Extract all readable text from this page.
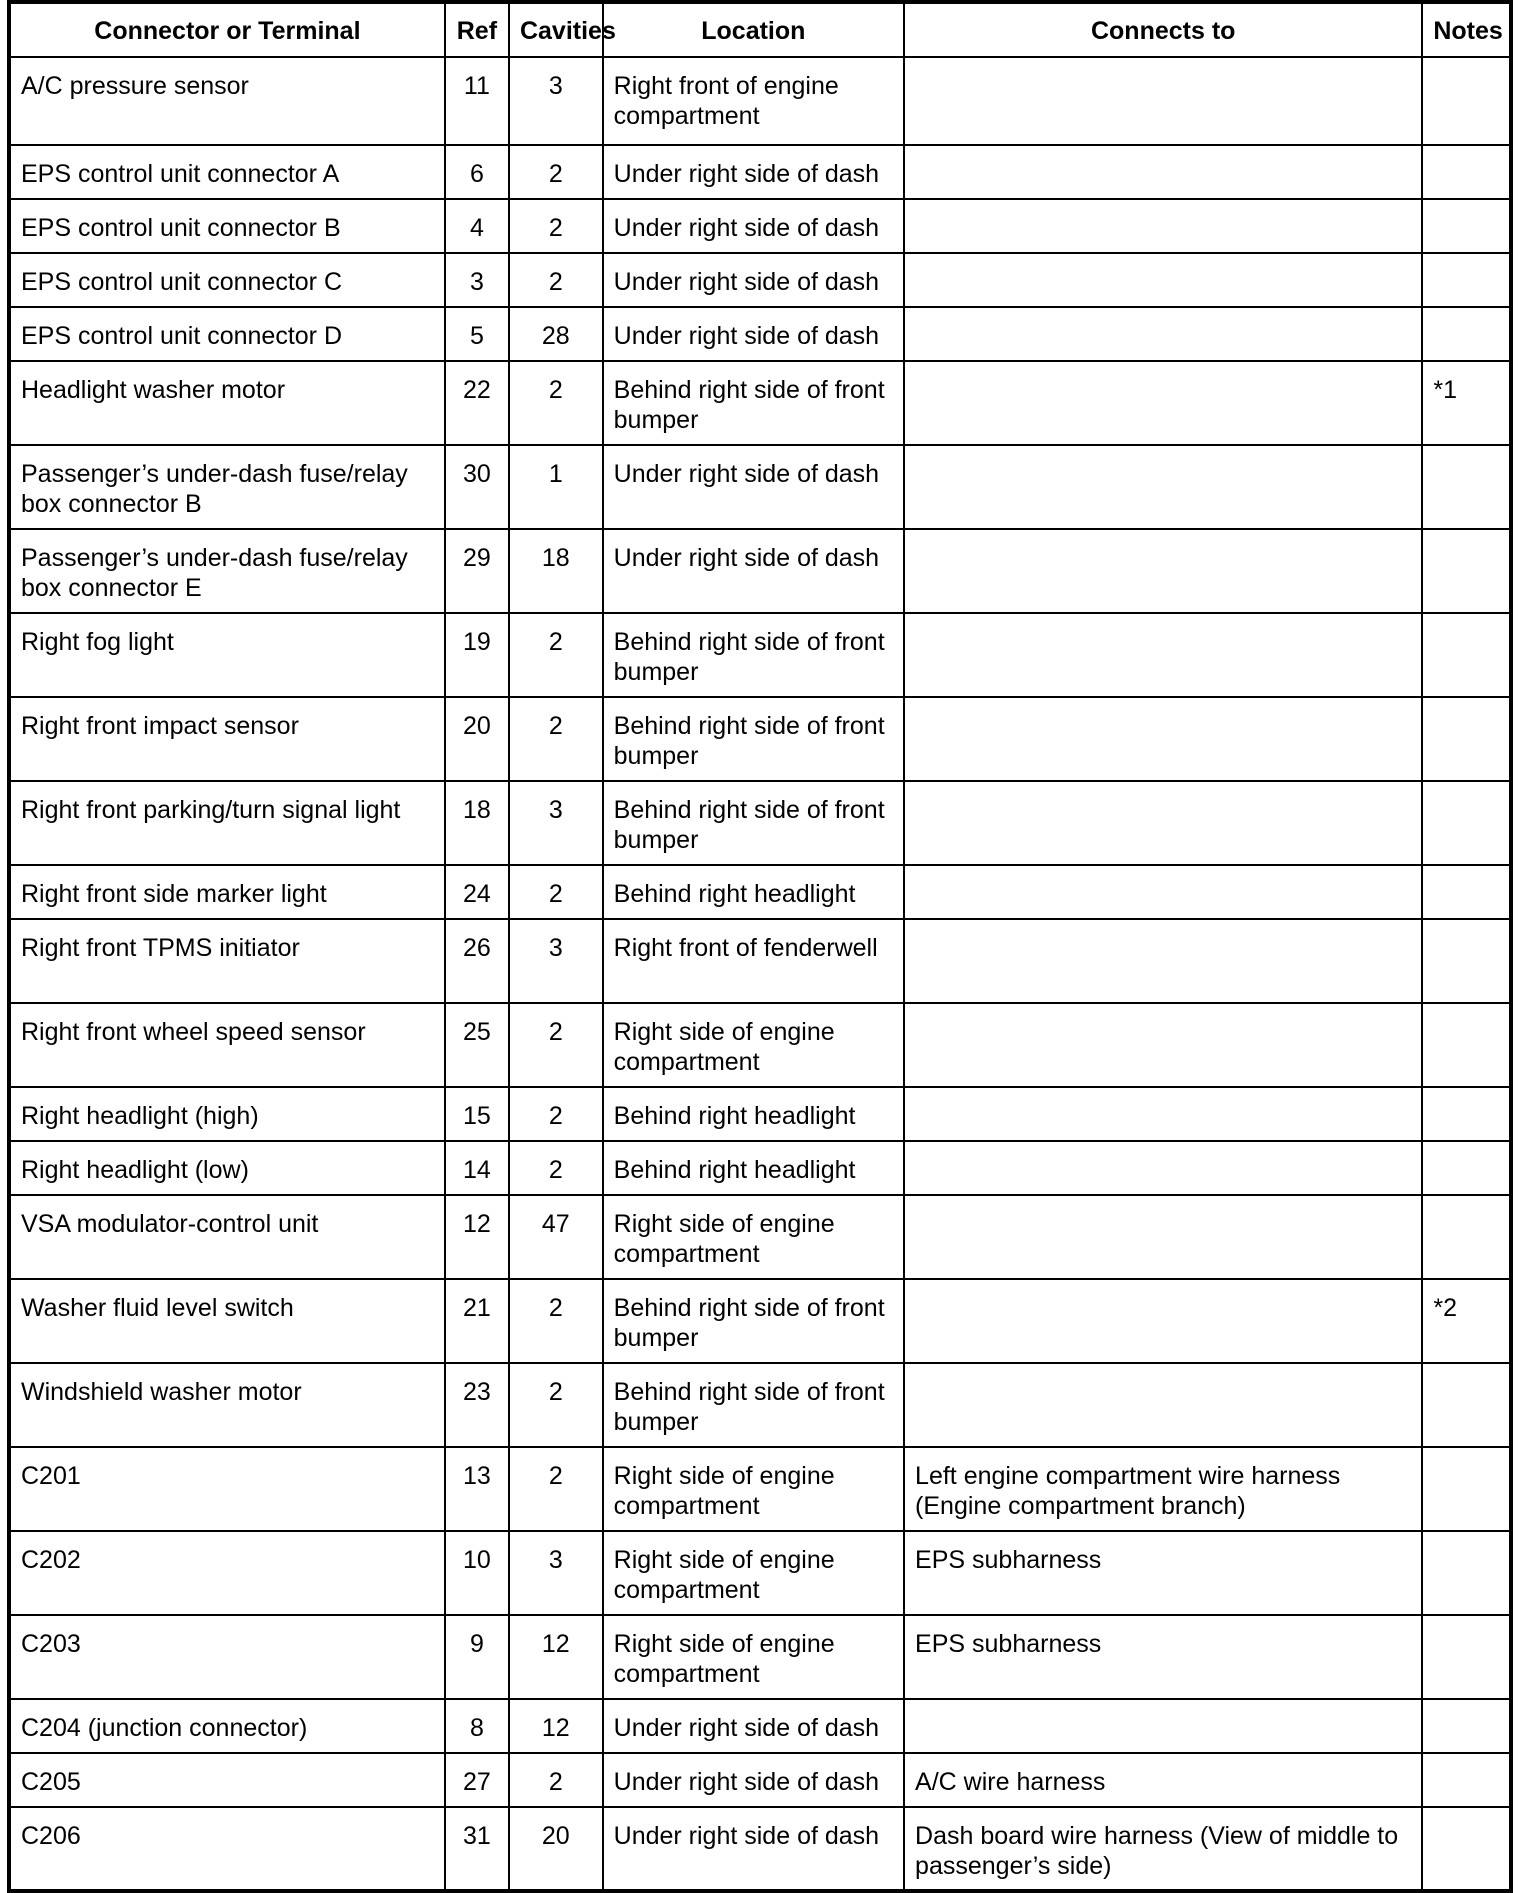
Connector or Terminal	Ref	Cavities	Location	Connects to	Notes
A/C pressure sensor	11	3	Right front of engine compartment		
EPS control unit connector A	6	2	Under right side of dash		
EPS control unit connector B	4	2	Under right side of dash		
EPS control unit connector C	3	2	Under right side of dash		
EPS control unit connector D	5	28	Under right side of dash		
Headlight washer motor	22	2	Behind right side of front bumper		*1
Passenger’s under-dash fuse/relay box connector B	30	1	Under right side of dash		
Passenger’s under-dash fuse/relay box connector E	29	18	Under right side of dash		
Right fog light	19	2	Behind right side of front bumper		
Right front impact sensor	20	2	Behind right side of front bumper		
Right front parking/turn signal light	18	3	Behind right side of front bumper		
Right front side marker light	24	2	Behind right headlight		
Right front TPMS initiator	26	3	Right front of fenderwell		
Right front wheel speed sensor	25	2	Right side of engine compartment		
Right headlight (high)	15	2	Behind right headlight		
Right headlight (low)	14	2	Behind right headlight		
VSA modulator-control unit	12	47	Right side of engine compartment		
Washer fluid level switch	21	2	Behind right side of front bumper		*2
Windshield washer motor	23	2	Behind right side of front bumper		
C201	13	2	Right side of engine compartment	Left engine compartment wire harness (Engine compartment branch)	
C202	10	3	Right side of engine compartment	EPS subharness	
C203	9	12	Right side of engine compartment	EPS subharness	
C204 (junction connector)	8	12	Under right side of dash		
C205	27	2	Under right side of dash	A/C wire harness	
C206	31	20	Under right side of dash	Dash board wire harness (View of middle to passenger’s side)	
